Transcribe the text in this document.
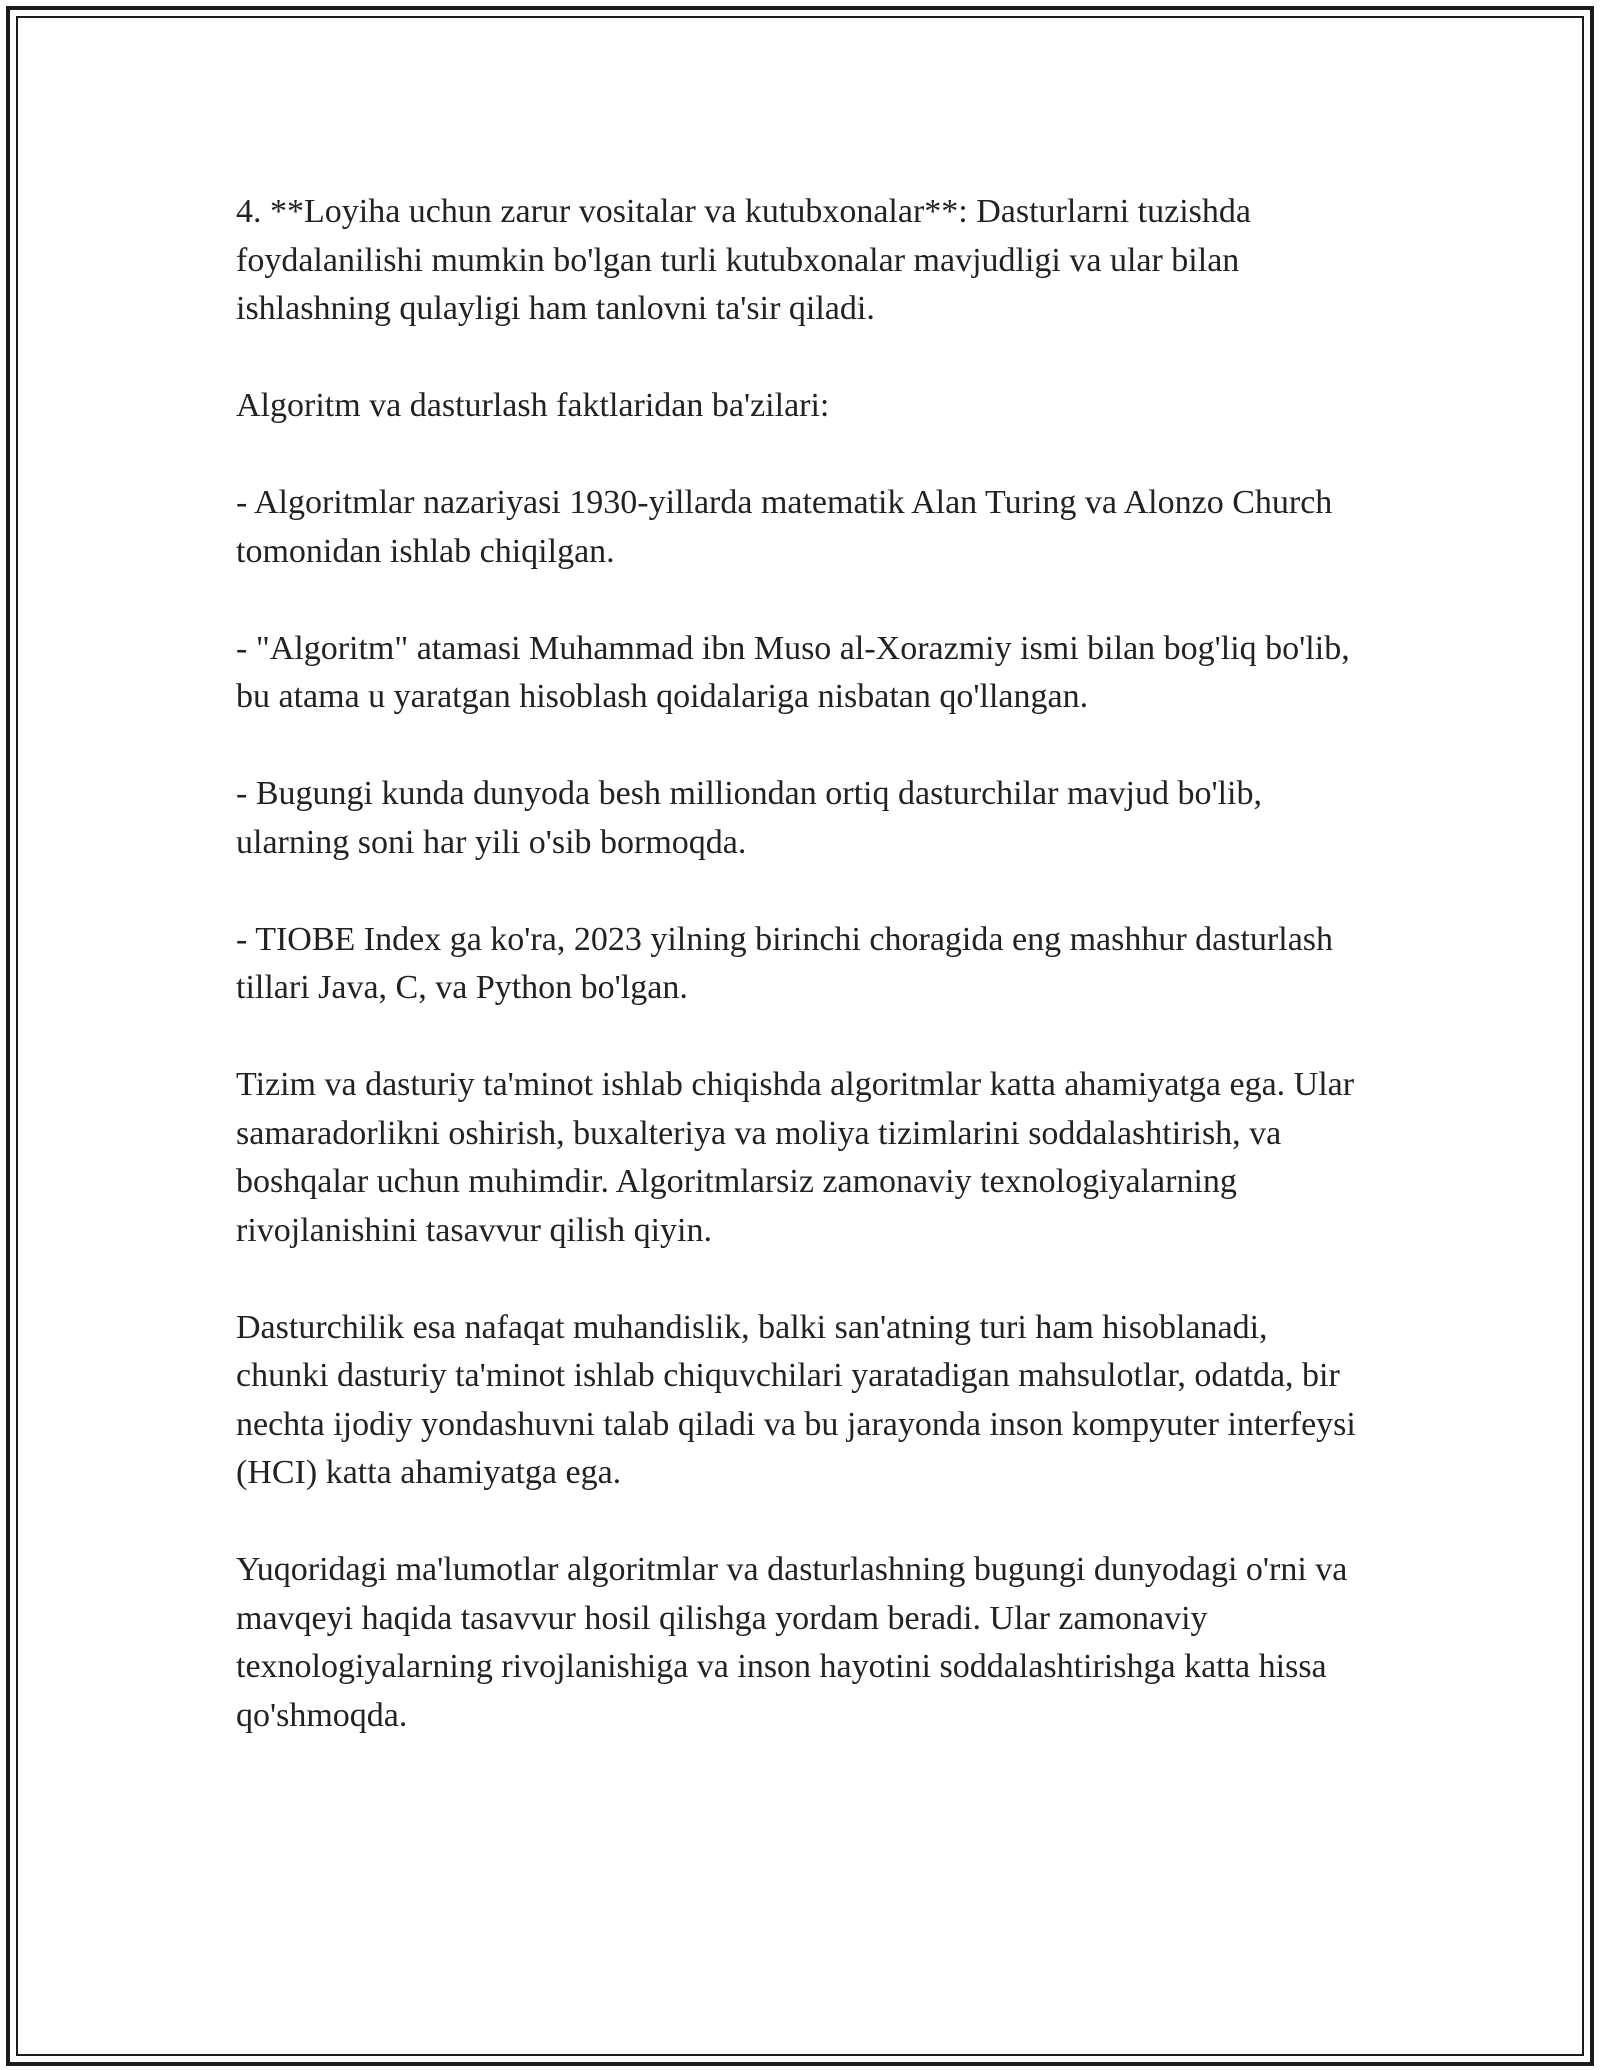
4. **Loyiha uchun zarur vositalar va kutubxonalar**: Dasturlarni tuzishda foydalanilishi mumkin bo'lgan turli kutubxonalar mavjudligi va ular bilan ishlashning qulayligi ham tanlovni ta'sir qiladi.

Algoritm va dasturlash faktlaridan ba'zilari:

- Algoritmlar nazariyasi 1930-yillarda matematik Alan Turing va Alonzo Church tomonidan ishlab chiqilgan.

- "Algoritm" atamasi Muhammad ibn Muso al-Xorazmiy ismi bilan bog'liq bo'lib, bu atama u yaratgan hisoblash qoidalariga nisbatan qo'llangan.

- Bugungi kunda dunyoda besh milliondan ortiq dasturchilar mavjud bo'lib, ularning soni har yili o'sib bormoqda.

- TIOBE Index ga ko'ra, 2023 yilning birinchi choragida eng mashhur dasturlash tillari Java, C, va Python bo'lgan.

Tizim va dasturiy ta'minot ishlab chiqishda algoritmlar katta ahamiyatga ega. Ular samaradorlikni oshirish, buxalteriya va moliya tizimlarini soddalashtirish, va boshqalar uchun muhimdir. Algoritmlarsiz zamonaviy texnologiyalarning rivojlanishini tasavvur qilish qiyin.

Dasturchilik esa nafaqat muhandislik, balki san'atning turi ham hisoblanadi, chunki dasturiy ta'minot ishlab chiquvchilari yaratadigan mahsulotlar, odatda, bir nechta ijodiy yondashuvni talab qiladi va bu jarayonda inson kompyuter interfeysi (HCI) katta ahamiyatga ega.

Yuqoridagi ma'lumotlar algoritmlar va dasturlashning bugungi dunyodagi o'rni va mavqeyi haqida tasavvur hosil qilishga yordam beradi. Ular zamonaviy texnologiyalarning rivojlanishiga va inson hayotini soddalashtirishga katta hissa qo'shmoqda.
